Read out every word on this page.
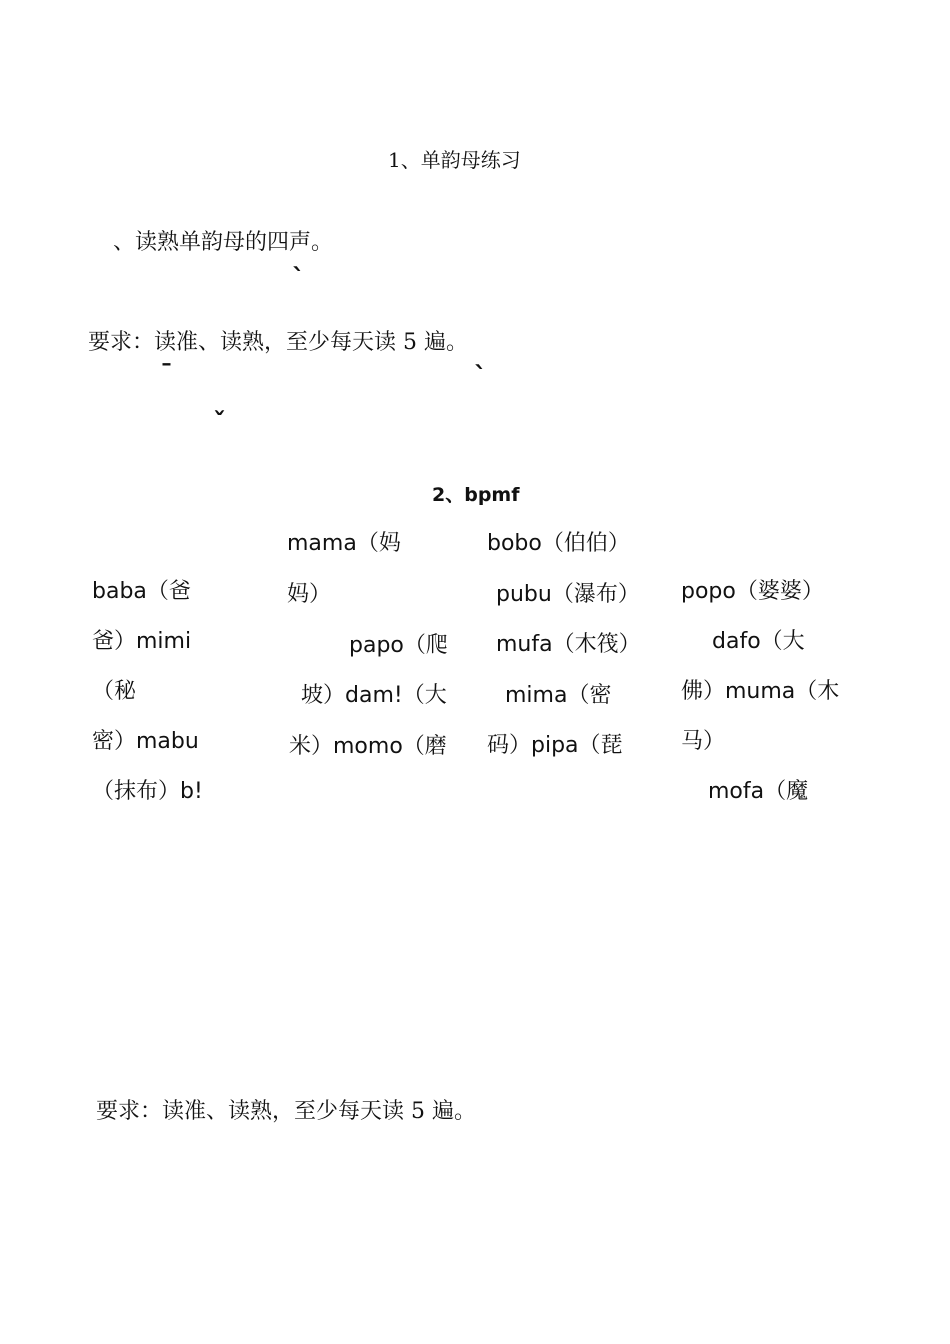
1、单韵母练习
、读熟单韵母的四声。
ˋ
要求：读准、读熟，至少每天读 5 遍。
ˉ	ˋ
ˇ
2、bpmf
baba（爸
爸）mimi
（秘
密）mabu
（抹布）b!
mama（妈
妈）
papo（爬
坡）dam!（大
米）momo（磨
bobo（伯伯）
pubu（瀑布）
mufa（木筏）
mima（密
码）pipa（琵
popo（婆婆）
dafo（大
佛）muma（木
马）
mofa（魔
要求：读准、读熟，至少每天读 5 遍。
